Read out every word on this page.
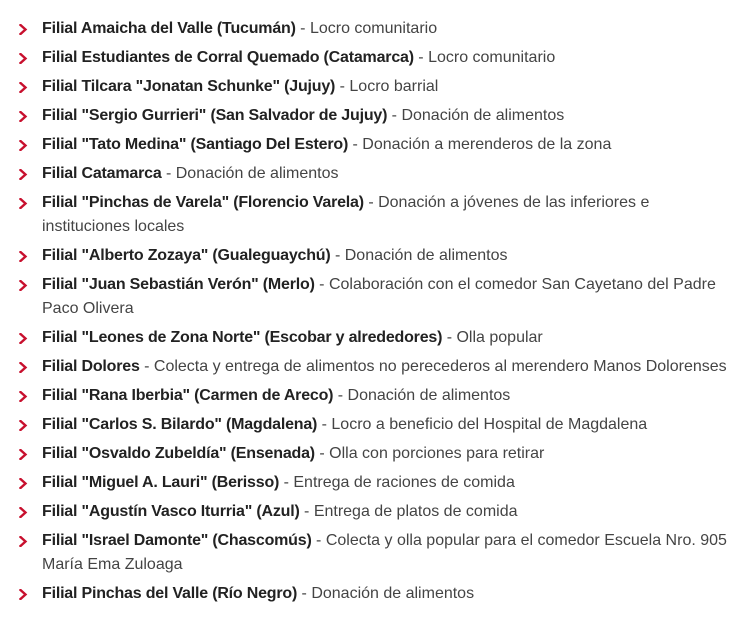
Filial Amaicha del Valle (Tucumán) - Locro comunitario
Filial Estudiantes de Corral Quemado (Catamarca) - Locro comunitario
Filial Tilcara "Jonatan Schunke" (Jujuy) - Locro barrial
Filial "Sergio Gurrieri" (San Salvador de Jujuy) - Donación de alimentos
Filial "Tato Medina" (Santiago Del Estero) - Donación a merenderos de la zona
Filial Catamarca - Donación de alimentos
Filial "Pinchas de Varela" (Florencio Varela) - Donación a jóvenes de las inferiores e instituciones locales
Filial "Alberto Zozaya" (Gualeguaychú) - Donación de alimentos
Filial "Juan Sebastián Verón" (Merlo) - Colaboración con el comedor San Cayetano del Padre Paco Olivera
Filial "Leones de Zona Norte" (Escobar y alrededores) - Olla popular
Filial Dolores - Colecta y entrega de alimentos no perecederos al merendero Manos Dolorenses
Filial "Rana Iberbia" (Carmen de Areco) - Donación de alimentos
Filial "Carlos S. Bilardo" (Magdalena) - Locro a beneficio del Hospital de Magdalena
Filial "Osvaldo Zubeldía" (Ensenada) - Olla con porciones para retirar
Filial "Miguel A. Lauri" (Berisso) - Entrega de raciones de comida
Filial "Agustín Vasco Iturria" (Azul) - Entrega de platos de comida
Filial "Israel Damonte" (Chascomús) - Colecta y olla popular para el comedor Escuela Nro. 905 María Ema Zuloaga
Filial Pinchas del Valle (Río Negro) - Donación de alimentos
